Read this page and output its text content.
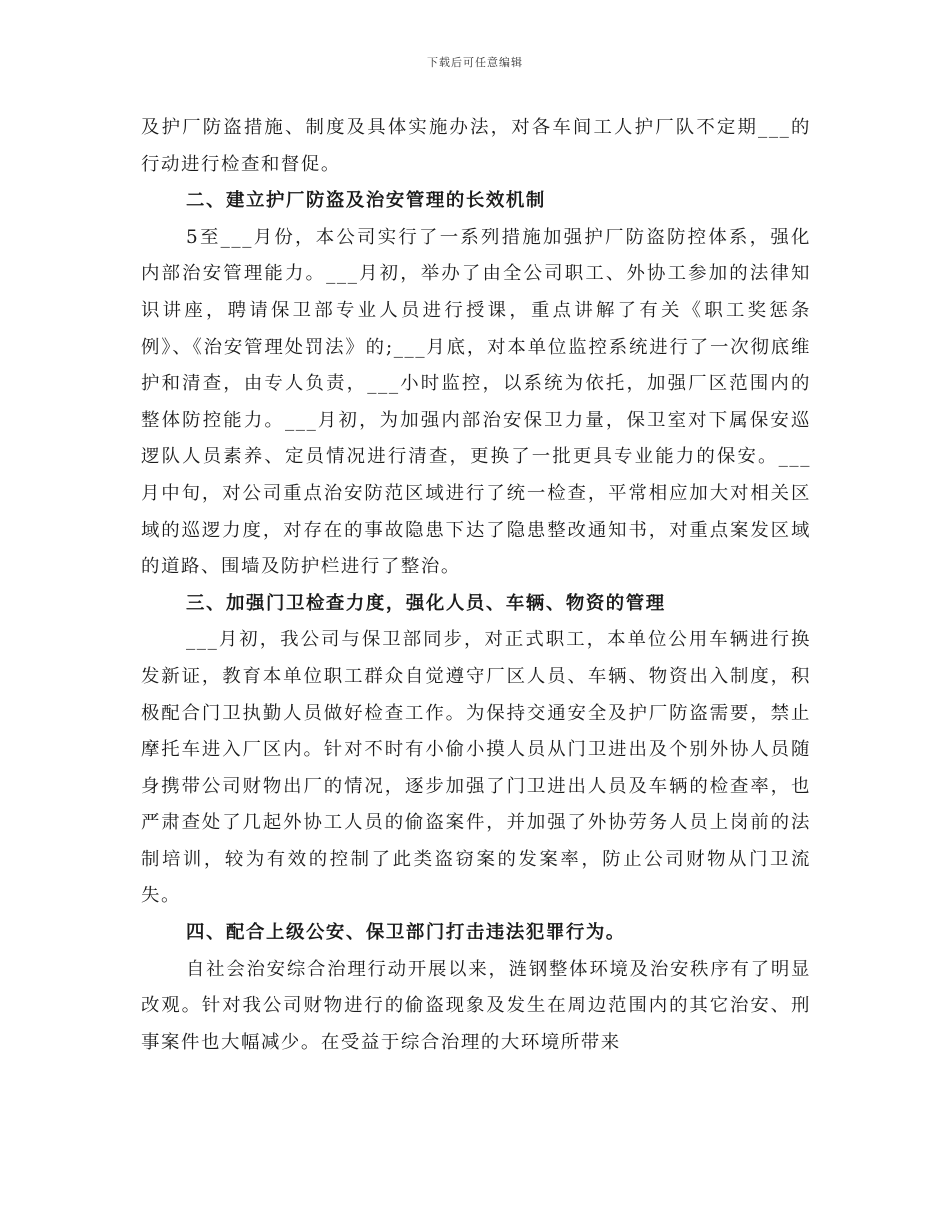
下载后可任意编辑

及护厂防盗措施、制度及具体实施办法，对各车间工人护厂队不定期___的行动进行检查和督促。

二、建立护厂防盗及治安管理的长效机制

5至___月份，本公司实行了一系列措施加强护厂防盗防控体系，强化内部治安管理能力。___月初，举办了由全公司职工、外协工参加的法律知识讲座，聘请保卫部专业人员进行授课，重点讲解了有关《职工奖惩条例》、《治安管理处罚法》的;___月底，对本单位监控系统进行了一次彻底维护和清查，由专人负责，___小时监控，以系统为依托，加强厂区范围内的整体防控能力。___月初，为加强内部治安保卫力量，保卫室对下属保安巡逻队人员素养、定员情况进行清查，更换了一批更具专业能力的保安。___月中旬，对公司重点治安防范区域进行了统一检查，平常相应加大对相关区域的巡逻力度，对存在的事故隐患下达了隐患整改通知书，对重点案发区域的道路、围墙及防护栏进行了整治。

三、加强门卫检查力度，强化人员、车辆、物资的管理

___月初，我公司与保卫部同步，对正式职工，本单位公用车辆进行换发新证，教育本单位职工群众自觉遵守厂区人员、车辆、物资出入制度，积极配合门卫执勤人员做好检查工作。为保持交通安全及护厂防盗需要，禁止摩托车进入厂区内。针对不时有小偷小摸人员从门卫进出及个别外协人员随身携带公司财物出厂的情况，逐步加强了门卫进出人员及车辆的检查率，也严肃查处了几起外协工人员的偷盗案件，并加强了外协劳务人员上岗前的法制培训，较为有效的控制了此类盗窃案的发案率，防止公司财物从门卫流失。

四、配合上级公安、保卫部门打击违法犯罪行为。

自社会治安综合治理行动开展以来，涟钢整体环境及治安秩序有了明显改观。针对我公司财物进行的偷盗现象及发生在周边范围内的其它治安、刑事案件也大幅减少。在受益于综合治理的大环境所带来
